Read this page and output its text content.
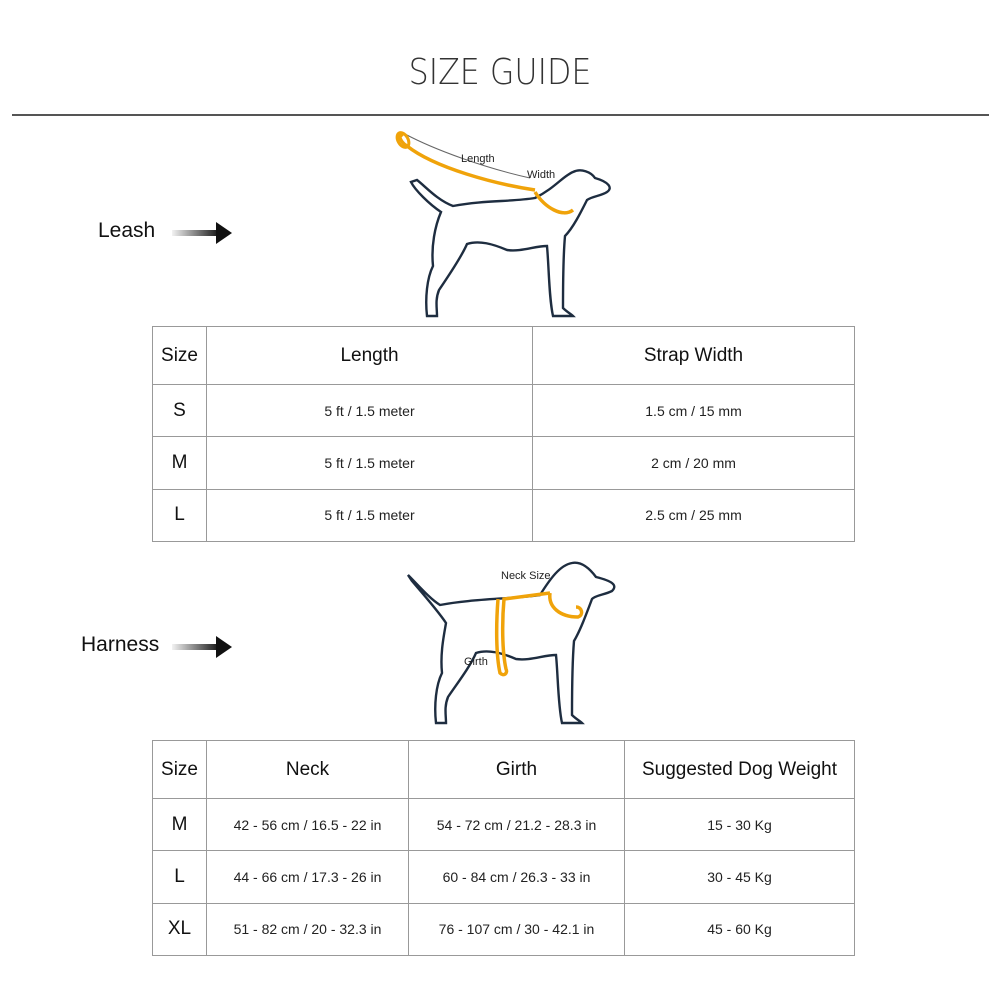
SIZE GUIDE
Leash
Length
Width
Size	Length	Strap Width
S	5 ft / 1.5 meter	1.5 cm / 15 mm
M	5 ft / 1.5 meter	2 cm / 20 mm
L	5 ft / 1.5 meter	2.5 cm / 25 mm
Harness
Neck Size
Girth
Size	Neck	Girth	Suggested Dog Weight
M	42 - 56 cm / 16.5 - 22 in	54 - 72 cm / 21.2 - 28.3 in	15 - 30 Kg
L	44 - 66 cm / 17.3 - 26 in	60 - 84 cm / 26.3 - 33 in	30 - 45 Kg
XL	51 - 82 cm / 20 - 32.3 in	76 - 107 cm / 30 - 42.1 in	45 - 60 Kg
